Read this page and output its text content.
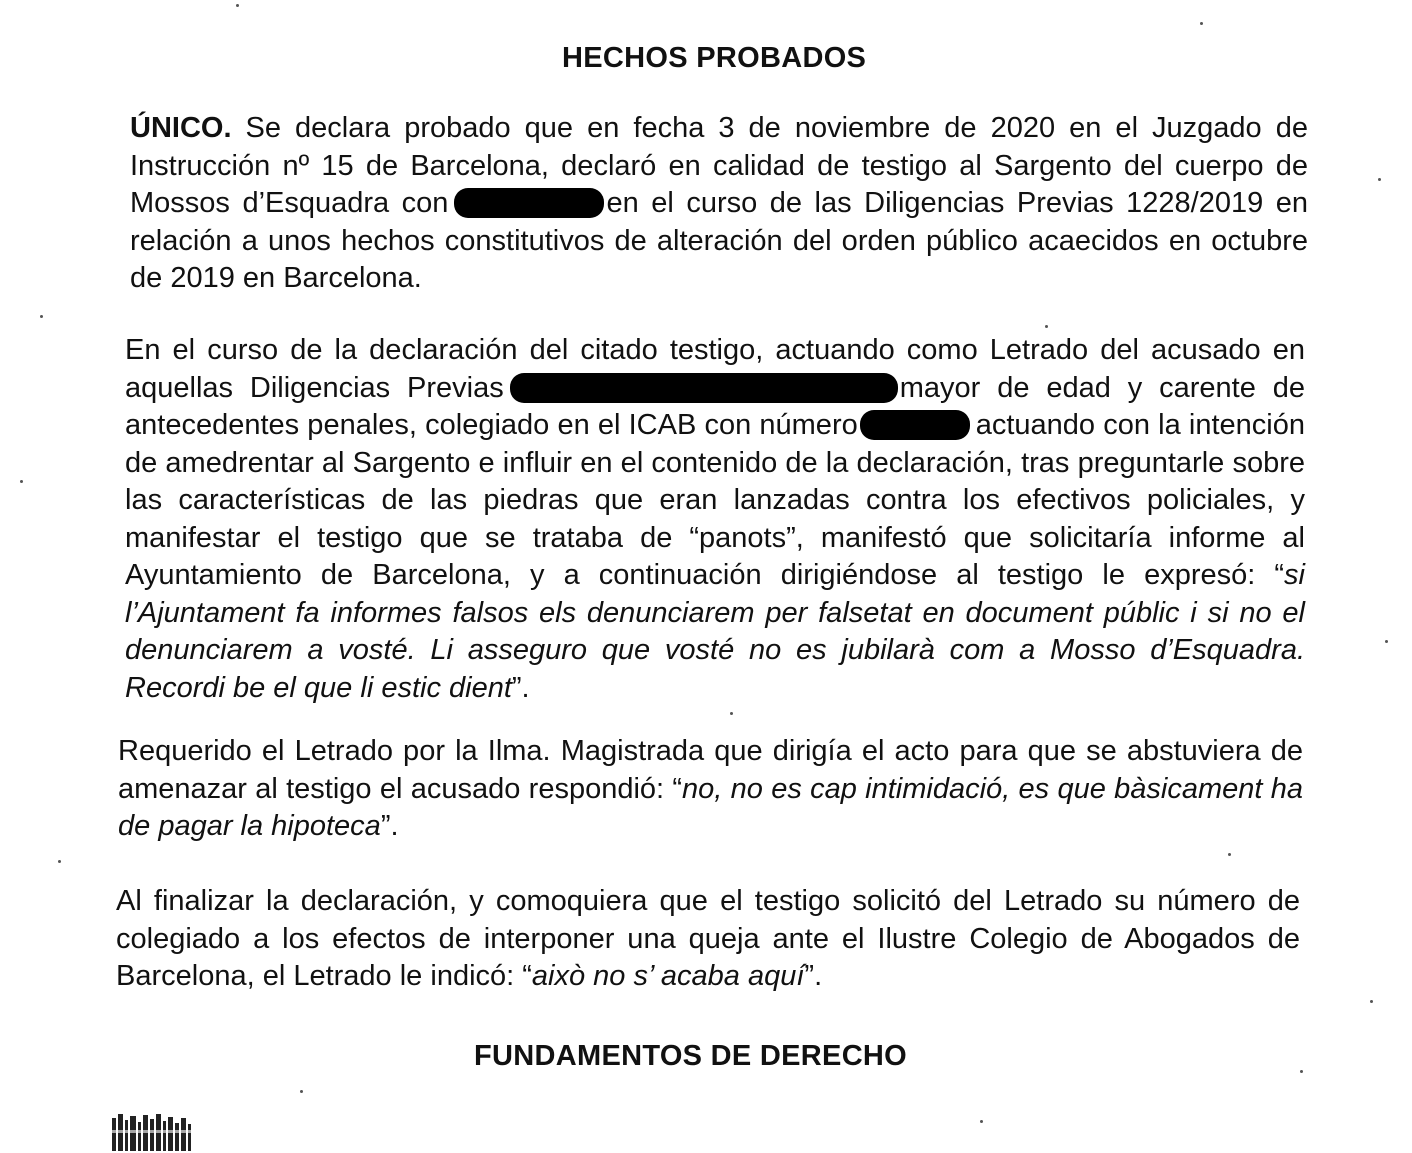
HECHOS PROBADOS
ÚNICO. Se declara probado que en fecha 3 de noviembre de 2020 en el Juzgado de Instrucción nº 15 de Barcelona, declaró en calidad de testigo al Sargento del cuerpo de Mossos d’Esquadra con	en el curso de las Diligencias Previas 1228/2019 en relación a unos hechos constitutivos de alteración del orden público acaecidos en octubre de 2019 en Barcelona.
En el curso de la declaración del citado testigo, actuando como Letrado del acusado en aquellas Diligencias Previas	mayor de edad y carente de antecedentes penales, colegiado en el ICAB con número	actuando con la intención de amedrentar al Sargento e influir en el contenido de la declaración, tras preguntarle sobre las características de las piedras que eran lanzadas contra los efectivos policiales, y manifestar el testigo que se trataba de “panots”, manifestó que solicitaría informe al Ayuntamiento de Barcelona, y a continuación dirigiéndose al testigo le expresó: “si l’Ajuntament fa informes falsos els denunciarem per falsetat en document públic i si no el denunciarem a vosté. Li asseguro que vosté no es jubilarà com a Mosso d’Esquadra. Recordi be el que li estic dient”.
Requerido el Letrado por la Ilma. Magistrada que dirigía el acto para que se abstuviera de amenazar al testigo el acusado respondió: “no, no es cap intimidació, es que bàsicament ha de pagar la hipoteca”.
Al finalizar la declaración, y comoquiera que el testigo solicitó del Letrado su número de colegiado a los efectos de interponer una queja ante el Ilustre Colegio de Abogados de Barcelona, el Letrado le indicó: “això no s’ acaba aquí”.
FUNDAMENTOS DE DERECHO
